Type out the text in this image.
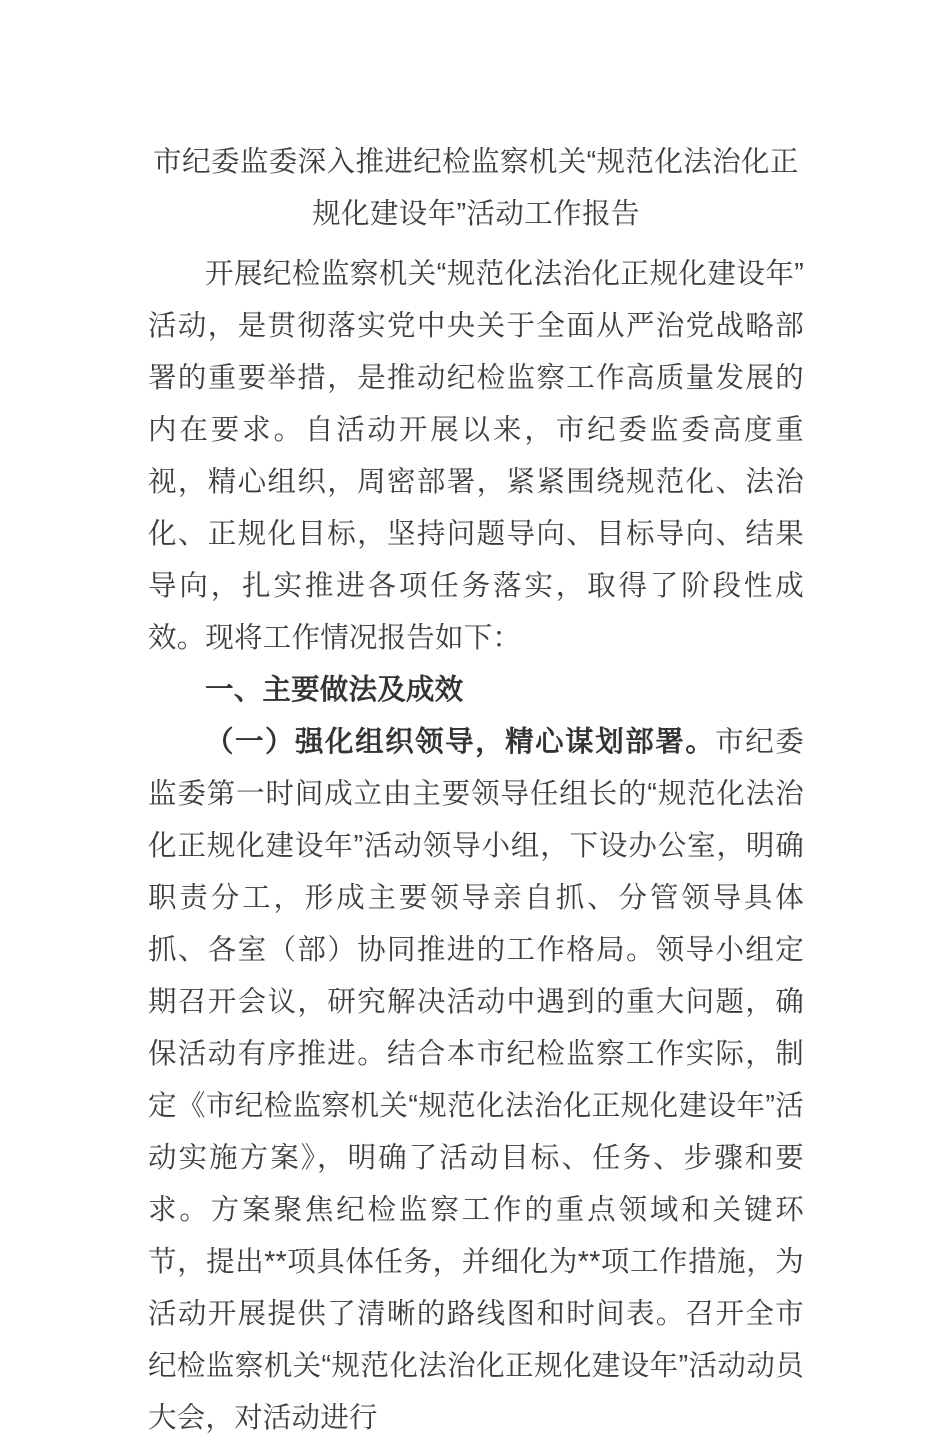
市纪委监委深入推进纪检监察机关“规范化法治化正规化建设年”活动工作报告

开展纪检监察机关“规范化法治化正规化建设年”活动，是贯彻落实党中央关于全面从严治党战略部署的重要举措，是推动纪检监察工作高质量发展的内在要求。自活动开展以来，市纪委监委高度重视，精心组织，周密部署，紧紧围绕规范化、法治化、正规化目标，坚持问题导向、目标导向、结果导向，扎实推进各项任务落实，取得了阶段性成效。现将工作情况报告如下：

一、主要做法及成效

（一）强化组织领导，精心谋划部署。市纪委监委第一时间成立由主要领导任组长的“规范化法治化正规化建设年”活动领导小组，下设办公室，明确职责分工，形成主要领导亲自抓、分管领导具体抓、各室（部）协同推进的工作格局。领导小组定期召开会议，研究解决活动中遇到的重大问题，确保活动有序推进。结合本市纪检监察工作实际，制定《市纪检监察机关“规范化法治化正规化建设年”活动实施方案》，明确了活动目标、任务、步骤和要求。方案聚焦纪检监察工作的重点领域和关键环节，提出**项具体任务，并细化为**项工作措施，为活动开展提供了清晰的路线图和时间表。召开全市纪检监察机关“规范化法治化正规化建设年”活动动员大会，对活动进行
